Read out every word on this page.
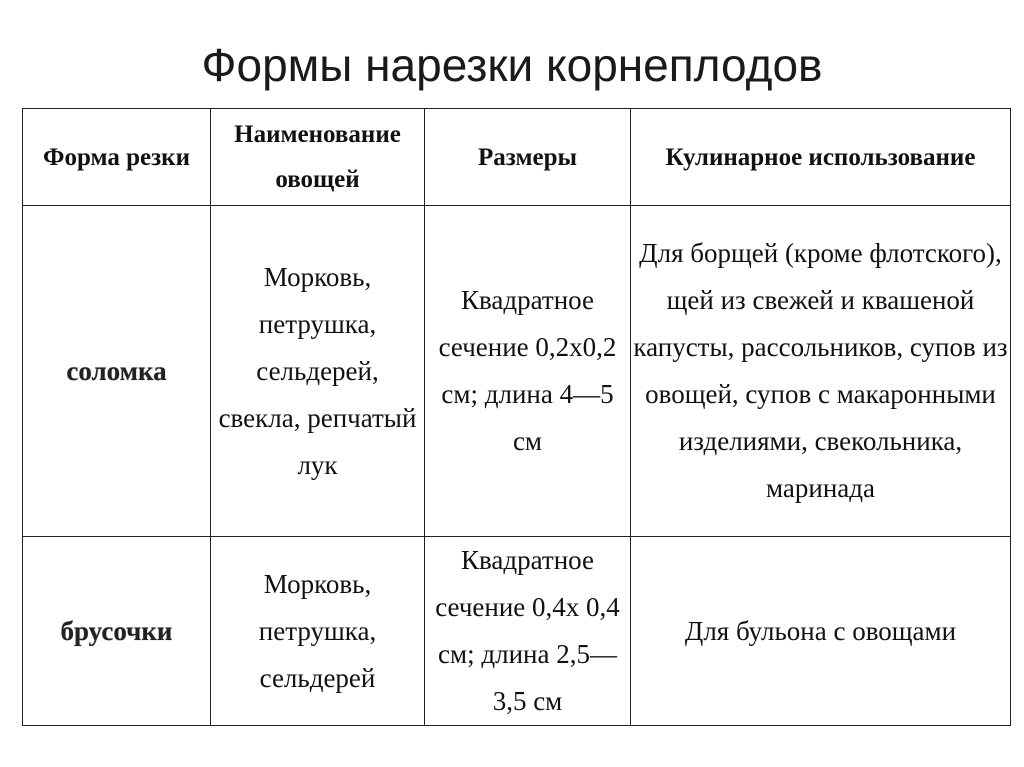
Формы нарезки корнеплодов
Форма резки	Наименование овощей	Размеры	Кулинарное использование
соломка	Морковь, петрушка, сельдерей, свекла, репчатый лук	Квадратное сечение 0,2х0,2 см; длина 4—5 см	Для борщей (кроме флотского), щей из свежей и квашеной капусты, рассольников, супов из овощей, супов с макаронными изделиями, свекольника, маринада
брусочки	Морковь, петрушка, сельдерей	Квадратное сечение 0,4х 0,4 см; длина 2,5—3,5 см	Для бульона с овощами
